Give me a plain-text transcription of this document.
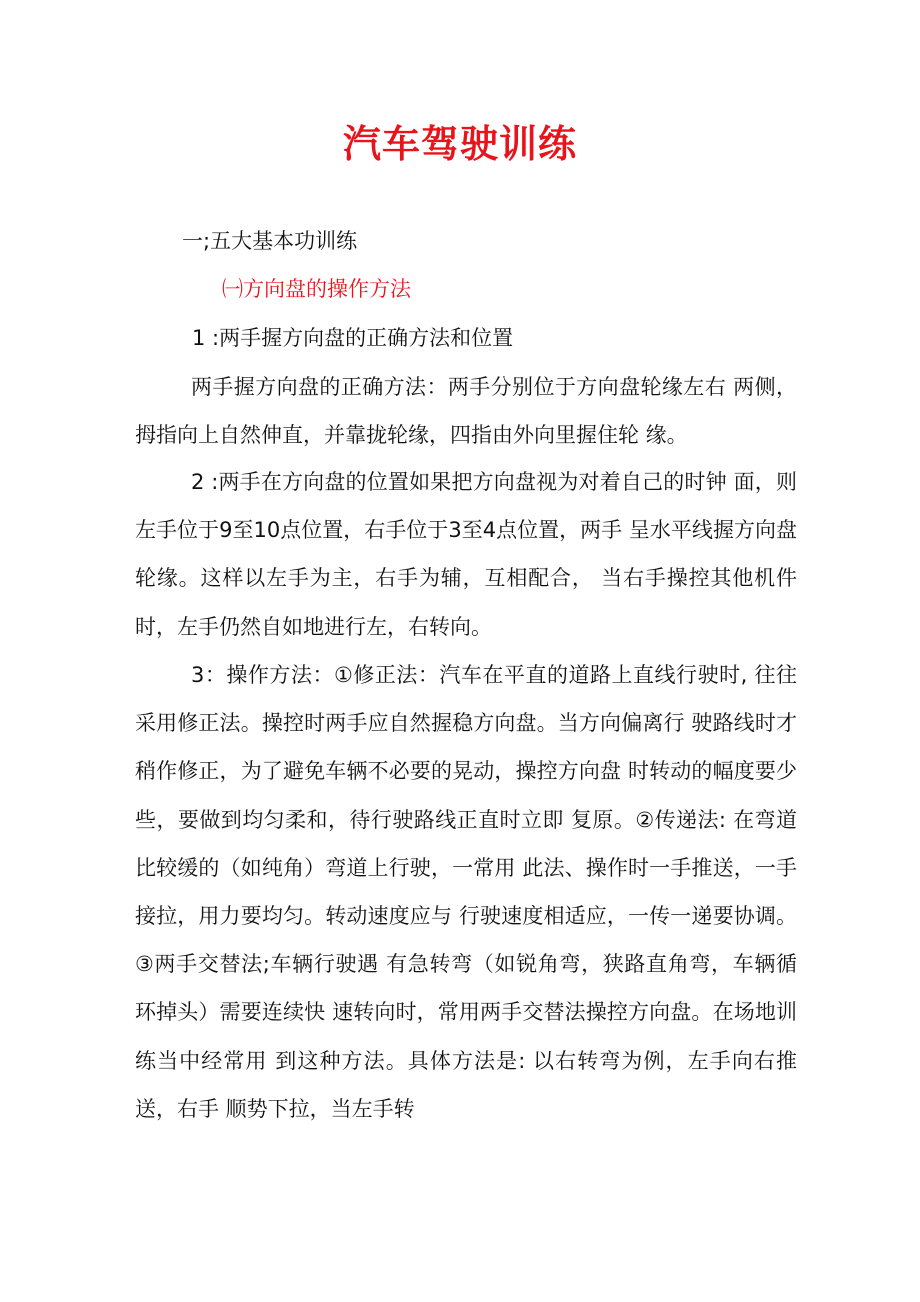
汽车驾驶训练
一;五大基本功训练
㈠方向盘的操作方法
1 :两手握方向盘的正确方法和位置
两手握方向盘的正确方法：两手分别位于方向盘轮缘左右 两侧，拇指向上自然伸直，并靠拢轮缘，四指由外向里握住轮 缘。
2 :两手在方向盘的位置如果把方向盘视为对着自己的时钟 面，则左手位于9至10点位置，右手位于3至4点位置，两手 呈水平线握方向盘轮缘。这样以左手为主，右手为辅，互相配合， 当右手操控其他机件时，左手仍然自如地进行左，右转向。
3：操作方法：①修正法：汽车在平直的道路上直线行驶时, 往往采用修正法。操控时两手应自然握稳方向盘。当方向偏离行 驶路线时才稍作修正，为了避免车辆不必要的晃动，操控方向盘 时转动的幅度要少些，要做到均匀柔和，待行驶路线正直时立即 复原。②传递法: 在弯道比较缓的（如纯角）弯道上行驶，一常用 此法、操作时一手推送，一手接拉，用力要均匀。转动速度应与 行驶速度相适应，一传一递要协调。③两手交替法;车辆行驶遇 有急转弯（如锐角弯，狭路直角弯，车辆循环掉头）需要连续快 速转向时，常用两手交替法操控方向盘。在场地训练当中经常用 到这种方法。具体方法是: 以右转弯为例，左手向右推送，右手 顺势下拉，当左手转
